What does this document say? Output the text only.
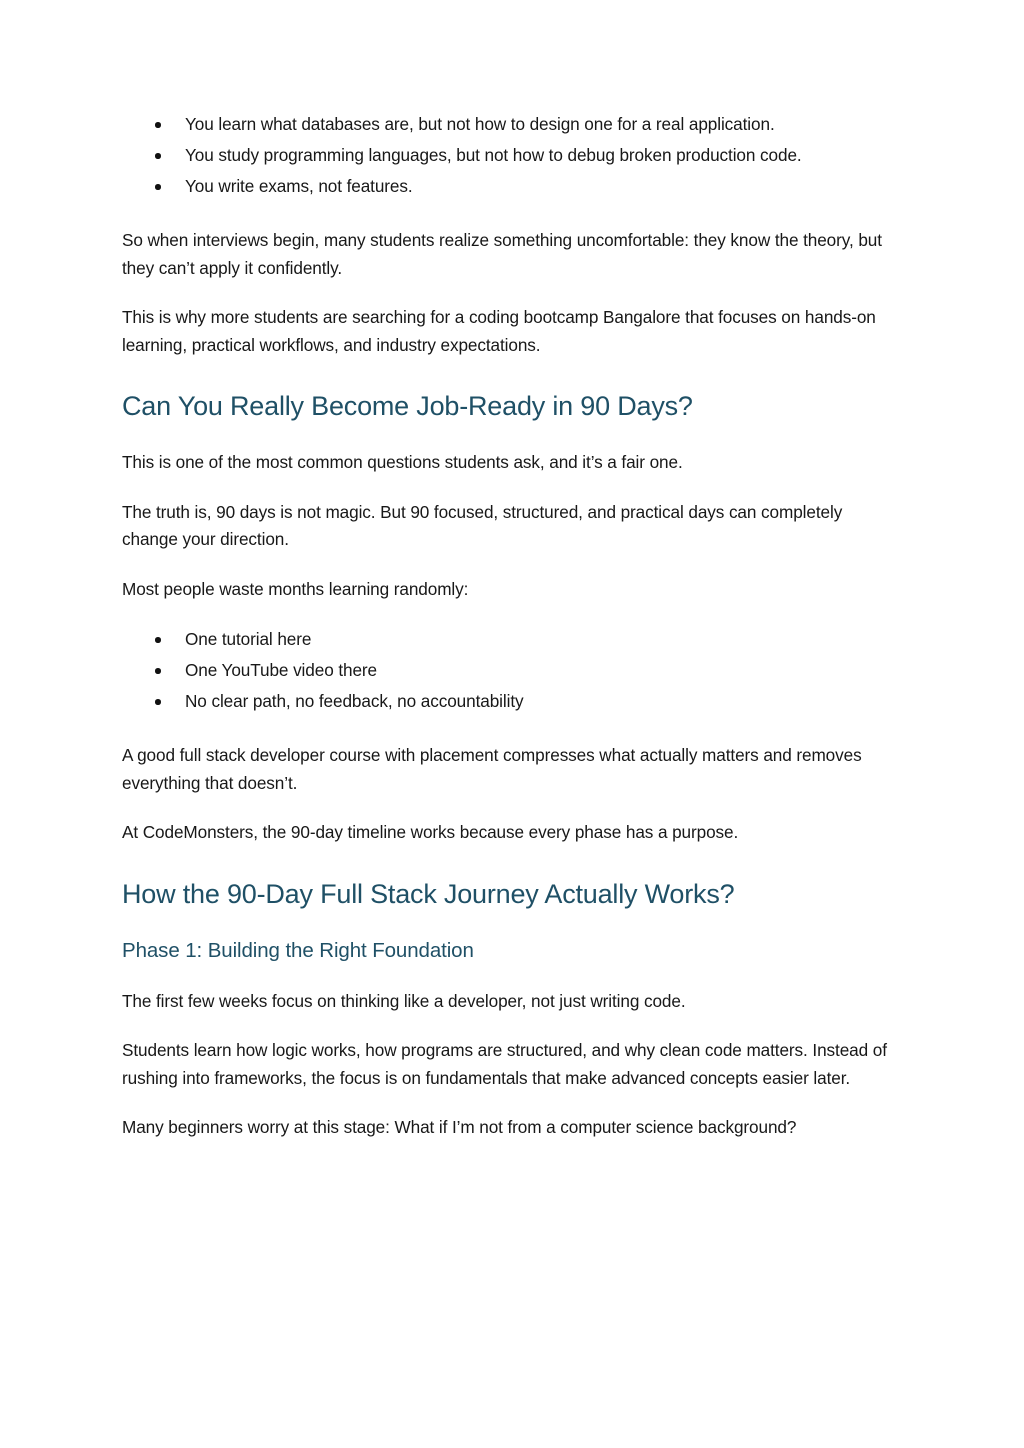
You learn what databases are, but not how to design one for a real application.
You study programming languages, but not how to debug broken production code.
You write exams, not features.

So when interviews begin, many students realize something uncomfortable: they know the theory, but they can’t apply it confidently.

This is why more students are searching for a coding bootcamp Bangalore that focuses on hands-on learning, practical workflows, and industry expectations.

Can You Really Become Job-Ready in 90 Days?

This is one of the most common questions students ask, and it’s a fair one.

The truth is, 90 days is not magic. But 90 focused, structured, and practical days can completely change your direction.

Most people waste months learning randomly:

One tutorial here
One YouTube video there
No clear path, no feedback, no accountability

A good full stack developer course with placement compresses what actually matters and removes everything that doesn’t.

At CodeMonsters, the 90-day timeline works because every phase has a purpose.

How the 90-Day Full Stack Journey Actually Works?
Phase 1: Building the Right Foundation

The first few weeks focus on thinking like a developer, not just writing code.

Students learn how logic works, how programs are structured, and why clean code matters. Instead of rushing into frameworks, the focus is on fundamentals that make advanced concepts easier later.

Many beginners worry at this stage: What if I’m not from a computer science background?
